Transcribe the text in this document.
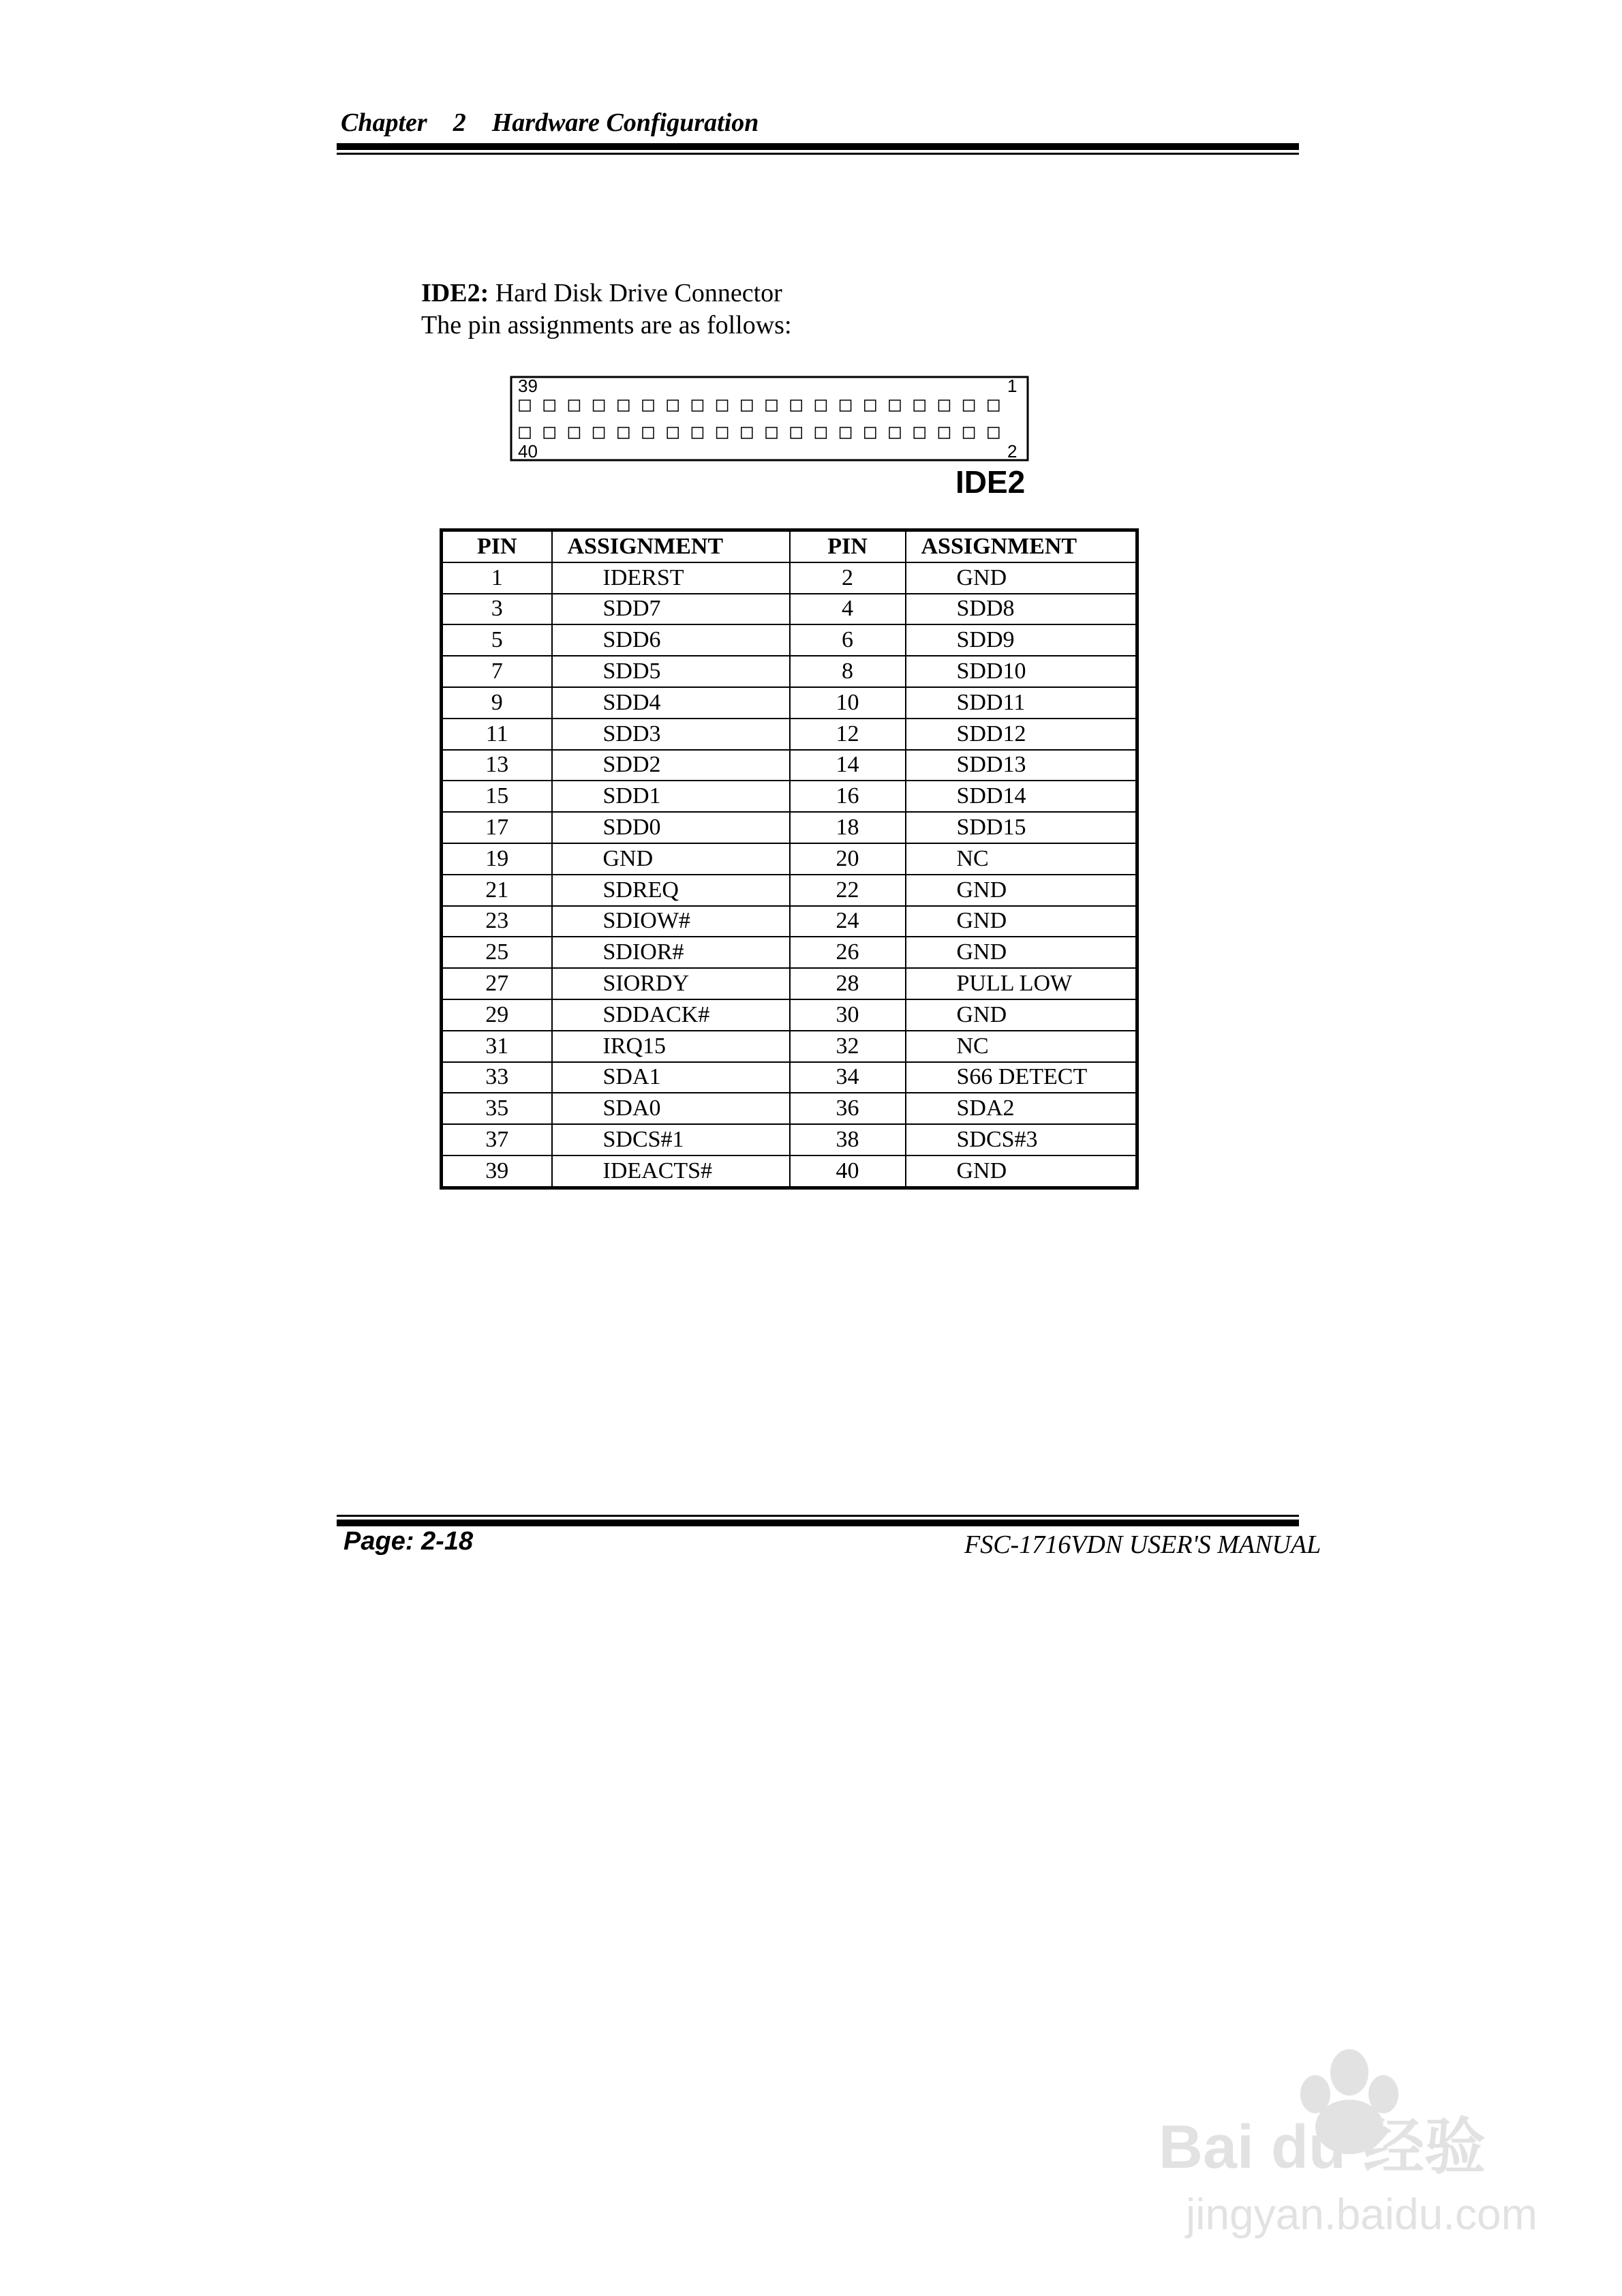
Chapter    2    Hardware Configuration
IDE2: Hard Disk Drive Connector
The pin assignments are as follows:
39	1
40	2
IDE2
PIN	ASSIGNMENT	PIN	ASSIGNMENT
1	IDERST	2	GND
3	SDD7	4	SDD8
5	SDD6	6	SDD9
7	SDD5	8	SDD10
9	SDD4	10	SDD11
11	SDD3	12	SDD12
13	SDD2	14	SDD13
15	SDD1	16	SDD14
17	SDD0	18	SDD15
19	GND	20	NC
21	SDREQ	22	GND
23	SDIOW#	24	GND
25	SDIOR#	26	GND
27	SIORDY	28	PULL LOW
29	SDDACK#	30	GND
31	IRQ15	32	NC
33	SDA1	34	S66 DETECT
35	SDA0	36	SDA2
37	SDCS#1	38	SDCS#3
39	IDEACTS#	40	GND
Page: 2-18	FSC-1716VDN USER'S MANUAL
Bai du 经验
jingyan.baidu.com
